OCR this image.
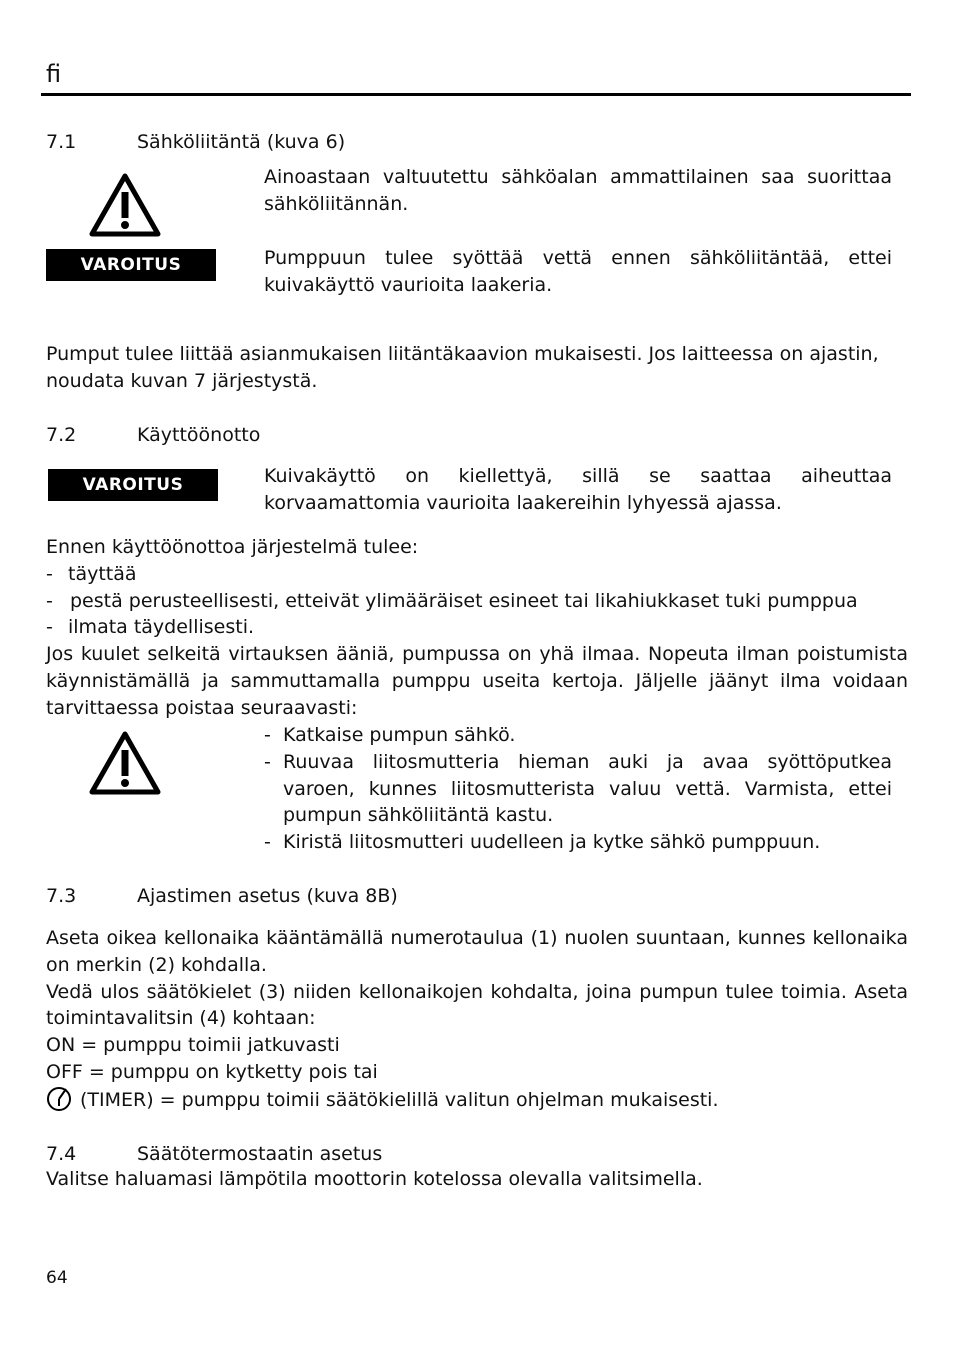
fi
7.1	Sähköliitäntä (kuva 6)
VAROITUS
Ainoastaan valtuutettu sähköalan ammattilainen saa suorittaa sähköliitännän.
Pumppuun tulee syöttää vettä ennen sähköliitäntää, ettei kuivakäyttö vaurioita laakeria.
Pumput tulee liittää asianmukaisen liitäntäkaavion mukaisesti. Jos laitteessa on ajastin, noudata kuvan 7 järjestystä.
7.2	Käyttöönotto
VAROITUS	Kuivakäyttö on kiellettyä, sillä se saattaa aiheuttaa korvaamattomia vaurioita laakereihin lyhyessä ajassa.
Ennen käyttöönottoa järjestelmä tulee:
- täyttää
- pestä perusteellisesti, etteivät ylimääräiset esineet tai likahiukkaset tuki pumppua
- ilmata täydellisesti.
Jos kuulet selkeitä virtauksen ääniä, pumpussa on yhä ilmaa. Nopeuta ilman poistumista käynnistämällä ja sammuttamalla pumppu useita kertoja. Jäljelle jäänyt ilma voidaan tarvittaessa poistaa seuraavasti:
- Katkaise pumpun sähkö.
- Ruuvaa liitosmutteria hieman auki ja avaa syöttöputkea varoen, kunnes liitosmutterista valuu vettä. Varmista, ettei pumpun sähköliitäntä kastu.
- Kiristä liitosmutteri uudelleen ja kytke sähkö pumppuun.
7.3	Ajastimen asetus (kuva 8B)
Aseta oikea kellonaika kääntämällä numerotaulua (1) nuolen suuntaan, kunnes kellonaika on merkin (2) kohdalla.
Vedä ulos säätökielet (3) niiden kellonaikojen kohdalta, joina pumpun tulee toimia. Aseta toimintavalitsin (4) kohtaan:
ON = pumppu toimii jatkuvasti
OFF = pumppu on kytketty pois tai
(TIMER) = pumppu toimii säätökielillä valitun ohjelman mukaisesti.
7.4	Säätötermostaatin asetus
Valitse haluamasi lämpötila moottorin kotelossa olevalla valitsimella.
64
